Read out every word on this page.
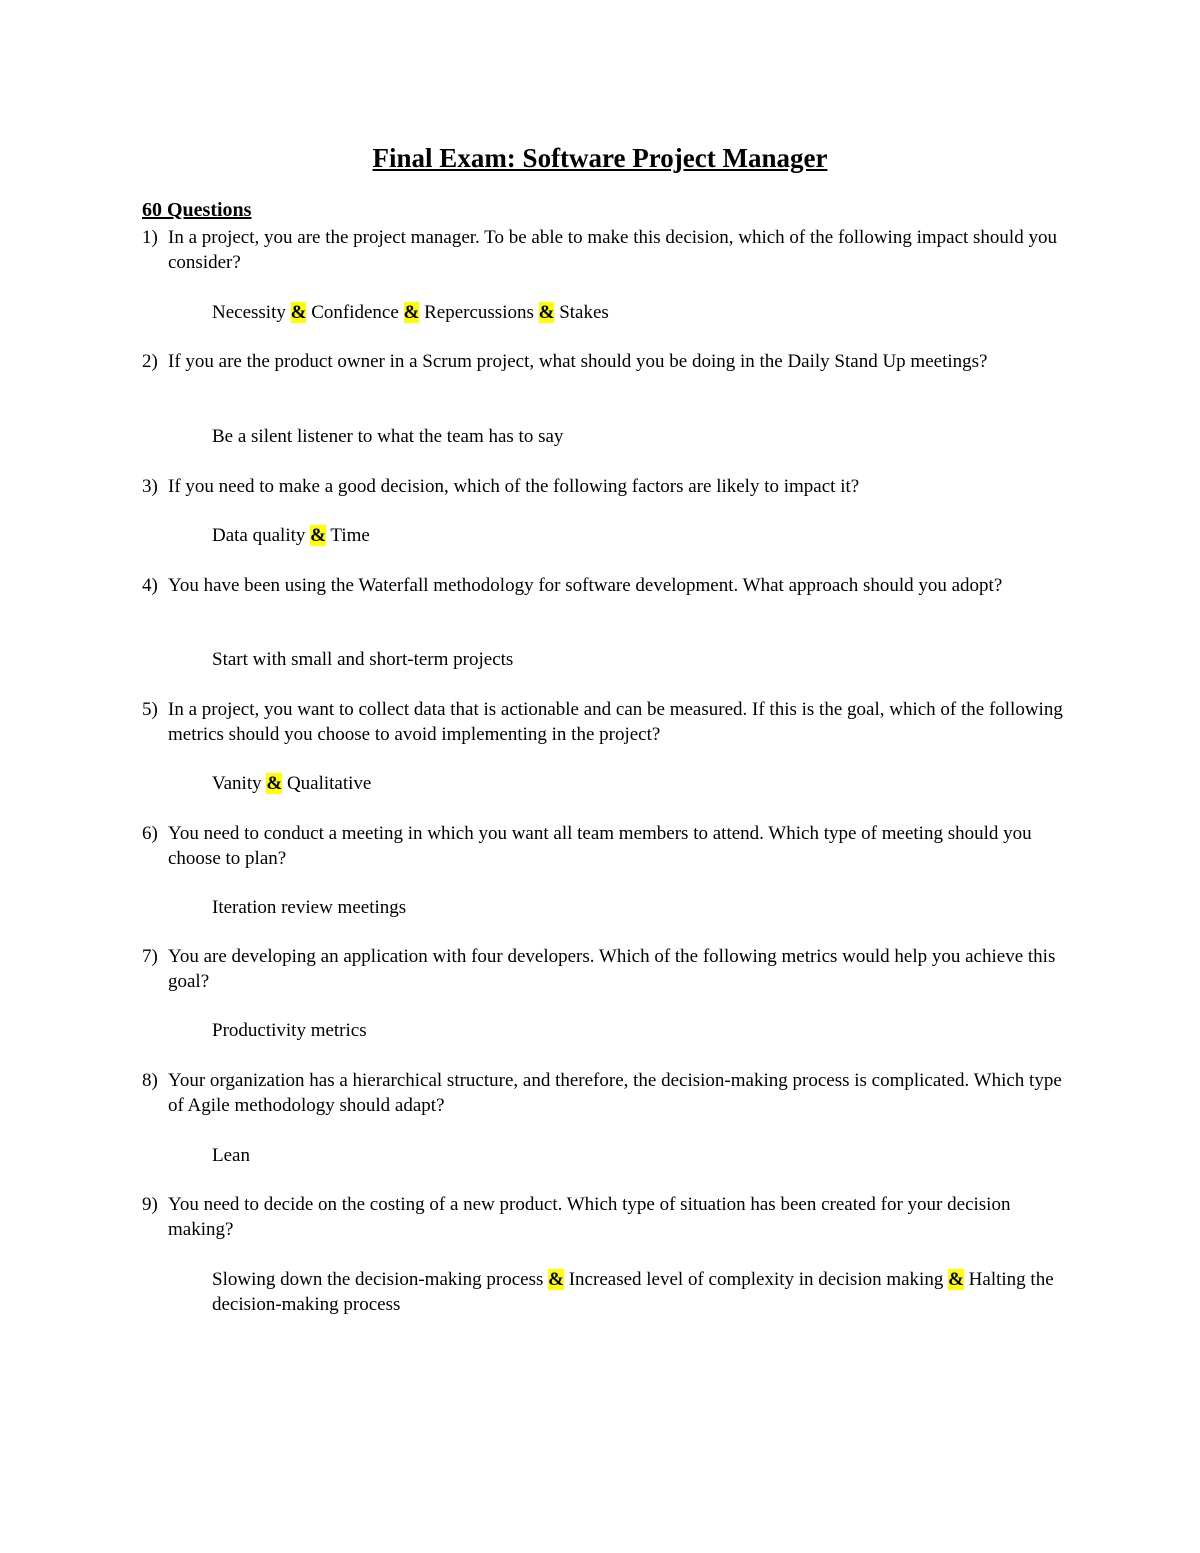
Final Exam: Software Project Manager
60 Questions
1) In a project, you are the project manager. To be able to make this decision, which of the following impact should you consider?
Necessity & Confidence & Repercussions & Stakes
2) If you are the product owner in a Scrum project, what should you be doing in the Daily Stand Up meetings?
Be a silent listener to what the team has to say
3) If you need to make a good decision, which of the following factors are likely to impact it?
Data quality & Time
4) You have been using the Waterfall methodology for software development. What approach should you adopt?
Start with small and short-term projects
5) In a project, you want to collect data that is actionable and can be measured. If this is the goal, which of the following metrics should you choose to avoid implementing in the project?
Vanity & Qualitative
6) You need to conduct a meeting in which you want all team members to attend. Which type of meeting should you choose to plan?
Iteration review meetings
7) You are developing an application with four developers. Which of the following metrics would help you achieve this goal?
Productivity metrics
8) Your organization has a hierarchical structure, and therefore, the decision-making process is complicated. Which type of Agile methodology should adapt?
Lean
9) You need to decide on the costing of a new product. Which type of situation has been created for your decision making?
Slowing down the decision-making process & Increased level of complexity in decision making & Halting the decision-making process
